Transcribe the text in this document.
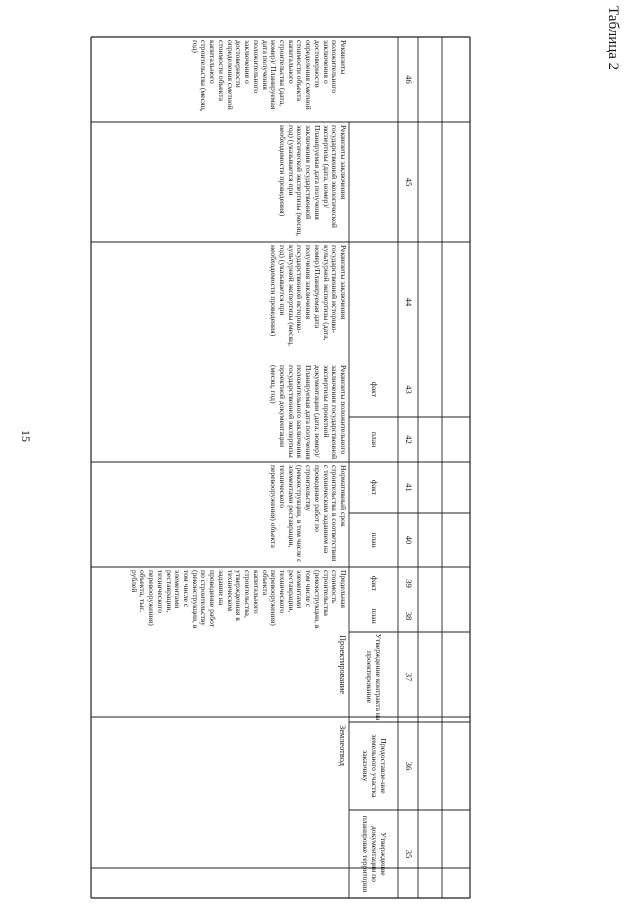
Таблица 2
15
Землеотвод
Проектирование
Предельная стоимость строительства (реконструкции, в том числе с элементами реставрации, технического перевооружения) объекта капитального строительства, утвержденная в техническом задании на проведение работ по строительству (реконструкции, в том числе с элементами реставрации, технического перевооружения) объекта, тыс. рублей
Нормативный срок строительства в соответствии с техническим заданием на проведение работ по строительству (реконструкции, в том числе с элементами реставрации, технического перевооружения) объекта
Реквизиты положительного заключения государственной экспертизы проектной документации (дата, номер)/Планируемая дата получения положительного заключения государственной экспертизы проектной документации (месяц, год)
Реквизиты заключения государственной историко-культурной экспертизы (дата, номер)/Планируемая дата получения заключения государственной историко-культурной экспертизы (месяц, год) (указывается при необходимости проведения)
Реквизиты заключения государственной экологической экспертизы (дата, номер)/ Планируемая дата получения заключения государственной экологической экспертизы (месяц, год) (указывается при необходимости проведения)
Реквизиты положительного заключения о достоверности определения сметной стоимости объекта капитального строительства (дата, номер)/ Планируемая дата получения положительного заключения о достоверности определения сметной стоимости объекта капитального строительства (месяц, год)
Утверждение документации по планировке территории
Предоставле-ние земельного участка заказчику
Утверждение контракта на проектирование
план
факт
план
факт
план
факт
35
36
37
38
39
40
41
42
43
44
45
46
